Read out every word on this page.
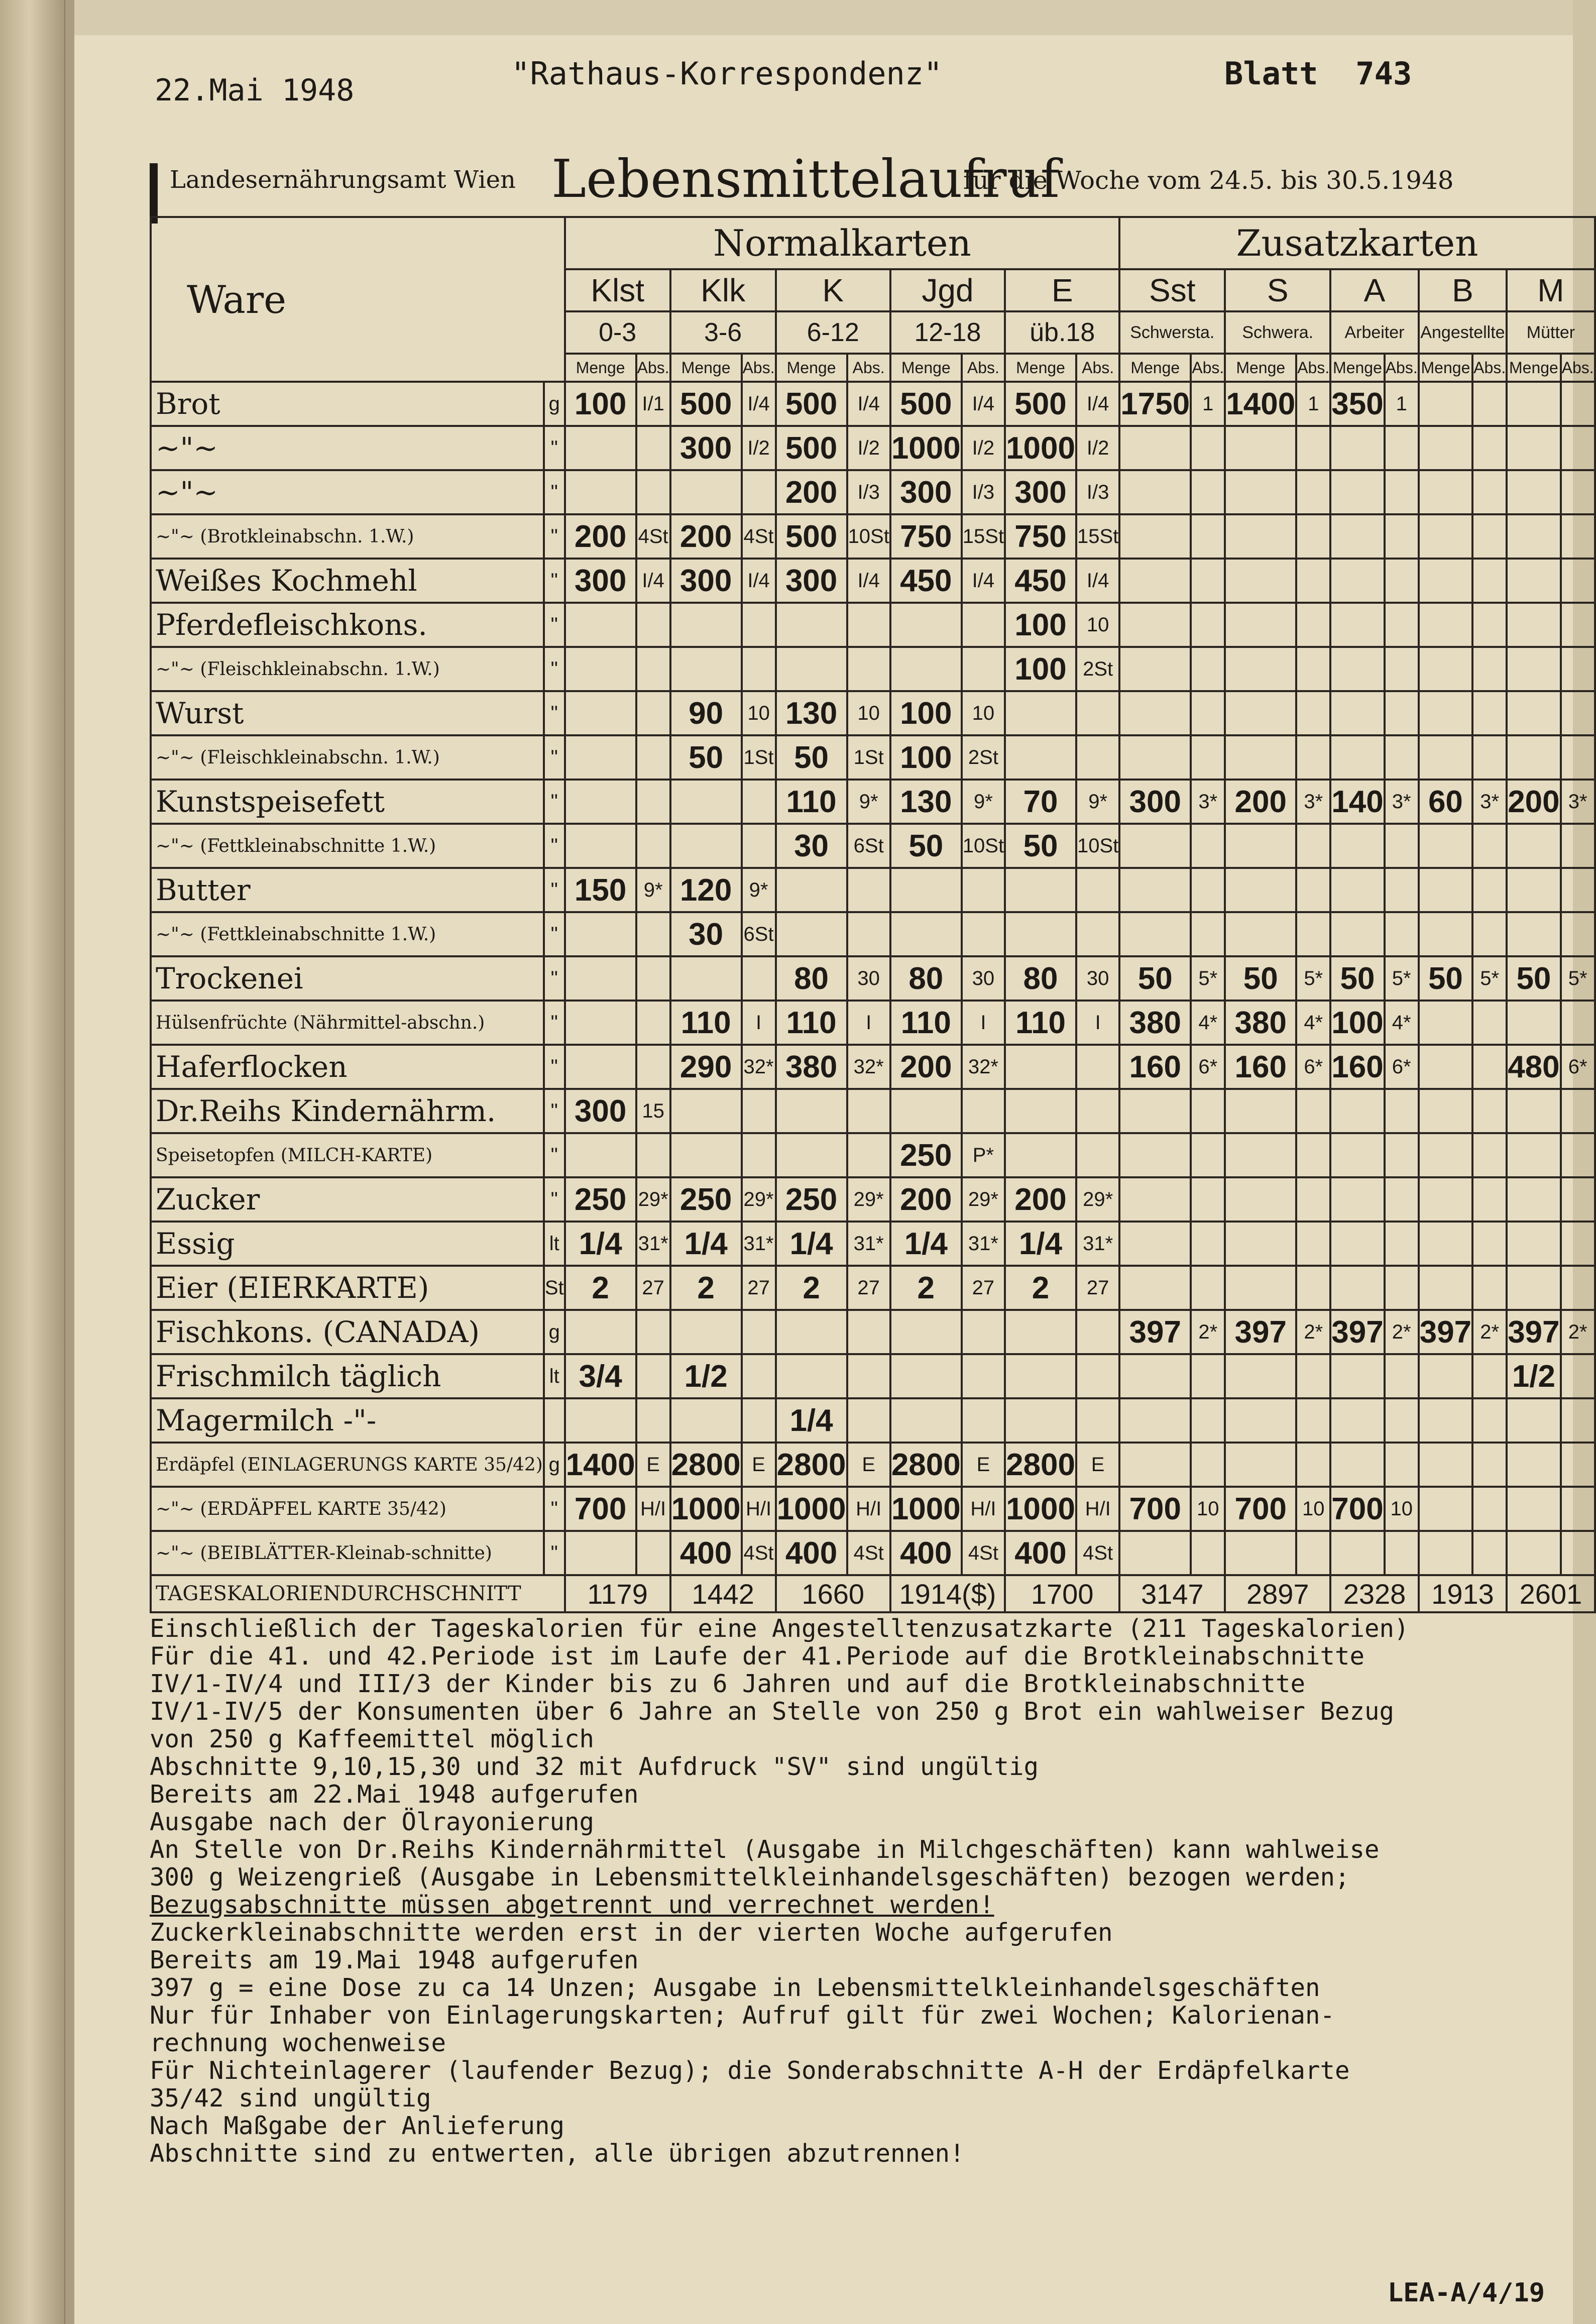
22.Mai 1948	"Rathaus-Korrespondenz"	Blatt 743
Landesernährungsamt Wien Lebensmittelaufruf
für die Woche vom 24.5. bis 30.5.1948
Ware		Normalkarten										Zusatzkarten									
		Klst		Klk		K		Jgd		E		Sst		S		A		B		M	
		0-3		3-6		6-12		12-18		üb.18		Schwersta.		Schwera.		Arbeiter		Angestellte		Mütter	
		Menge	Abs.	Menge	Abs.	Menge	Abs.	Menge	Abs.	Menge	Abs.	Menge	Abs.	Menge	Abs.	Menge	Abs.	Menge	Abs.	Menge	Abs.
Brot	g	100	I/1	500	I/4	500	I/4	500	I/4	500	I/4	1750	1	1400	1	350	1				
~"~	"			300	I/2	500	I/2	1000	I/2	1000	I/2										
~"~	"					200	I/3	300	I/3	300	I/3										
~"~ (Brotkleinabschn. 1.W.)	"	200	4St	200	4St	500	10St	750	15St	750	15St										
Weißes Kochmehl	"	300	I/4	300	I/4	300	I/4	450	I/4	450	I/4										
Pferdefleischkons.	"									100	10										
~"~ (Fleischkleinabschn. 1.W.)	"									100	2St										
Wurst	"			90	10	130	10	100	10												
~"~ (Fleischkleinabschn. 1.W.)	"			50	1St	50	1St	100	2St												
Kunstspeisefett	"					110	9*	130	9*	70	9*	300	3*	200	3*	140	3*	60	3*	200	3*
~"~ (Fettkleinabschnitte 1.W.)	"					30	6St	50	10St	50	10St										
Butter	"	150	9*	120	9*																
~"~ (Fettkleinabschnitte 1.W.)	"			30	6St																
Trockenei	"					80	30	80	30	80	30	50	5*	50	5*	50	5*	50	5*	50	5*
Hülsenfrüchte (Nährmittel-abschn.)	"			110	I	110	I	110	I	110	I	380	4*	380	4*	100	4*				
Haferflocken	"			290	32*	380	32*	200	32*			160	6*	160	6*	160	6*			480	6*
Dr.Reihs Kindernährm.	"	300	15																		
Speisetopfen (MILCH-KARTE)	"							250	P*												
Zucker	"	250	29*	250	29*	250	29*	200	29*	200	29*										
Essig	lt	1/4	31*	1/4	31*	1/4	31*	1/4	31*	1/4	31*										
Eier (EIERKARTE)	St	2	27	2	27	2	27	2	27	2	27										
Fischkons. (CANADA)	g											397	2*	397	2*	397	2*	397	2*	397	2*
Frischmilch täglich	lt	3/4		1/2																1/2	
Magermilch -"-						1/4															
Erdäpfel (EINLAGERUNGS KARTE 35/42)	g	1400	E	2800	E	2800	E	2800	E	2800	E										
~"~ (ERDÄPFEL KARTE 35/42)	"	700	H/I	1000	H/I	1000	H/I	1000	H/I	1000	H/I	700	10	700	10	700	10				
~"~ (BEIBLÄTTER-Kleinab-schnitte)	"			400	4St	400	4St	400	4St	400	4St										
TAGESKALORIENDURCHSCHNITT		1179		1442		1660		1914($)		1700		3147		2897		2328		1913		2601	
Einschließlich der Tageskalorien für eine Angestelltenzusatzkarte (211 Tageskalorien)
Für die 41. und 42.Periode ist im Laufe der 41.Periode auf die Brotkleinabschnitte
IV/1-IV/4 und III/3 der Kinder bis zu 6 Jahren und auf die Brotkleinabschnitte
IV/1-IV/5 der Konsumenten über 6 Jahre an Stelle von 250 g Brot ein wahlweiser Bezug
von 250 g Kaffeemittel möglich
Abschnitte 9,10,15,30 und 32 mit Aufdruck "SV" sind ungültig
Bereits am 22.Mai 1948 aufgerufen
Ausgabe nach der Ölrayonierung
An Stelle von Dr.Reihs Kindernährmittel (Ausgabe in Milchgeschäften) kann wahlweise
300 g Weizengrieß (Ausgabe in Lebensmittelkleinhandelsgeschäften) bezogen werden;
Bezugsabschnitte müssen abgetrennt und verrechnet werden!
Zuckerkleinabschnitte werden erst in der vierten Woche aufgerufen
Bereits am 19.Mai 1948 aufgerufen
397 g = eine Dose zu ca 14 Unzen; Ausgabe in Lebensmittelkleinhandelsgeschäften
Nur für Inhaber von Einlagerungskarten; Aufruf gilt für zwei Wochen; Kalorienan-
rechnung wochenweise
Für Nichteinlagerer (laufender Bezug); die Sonderabschnitte A-H der Erdäpfelkarte
35/42 sind ungültig
Nach Maßgabe der Anlieferung
Abschnitte sind zu entwerten, alle übrigen abzutrennen!
LEA-A/4/19
